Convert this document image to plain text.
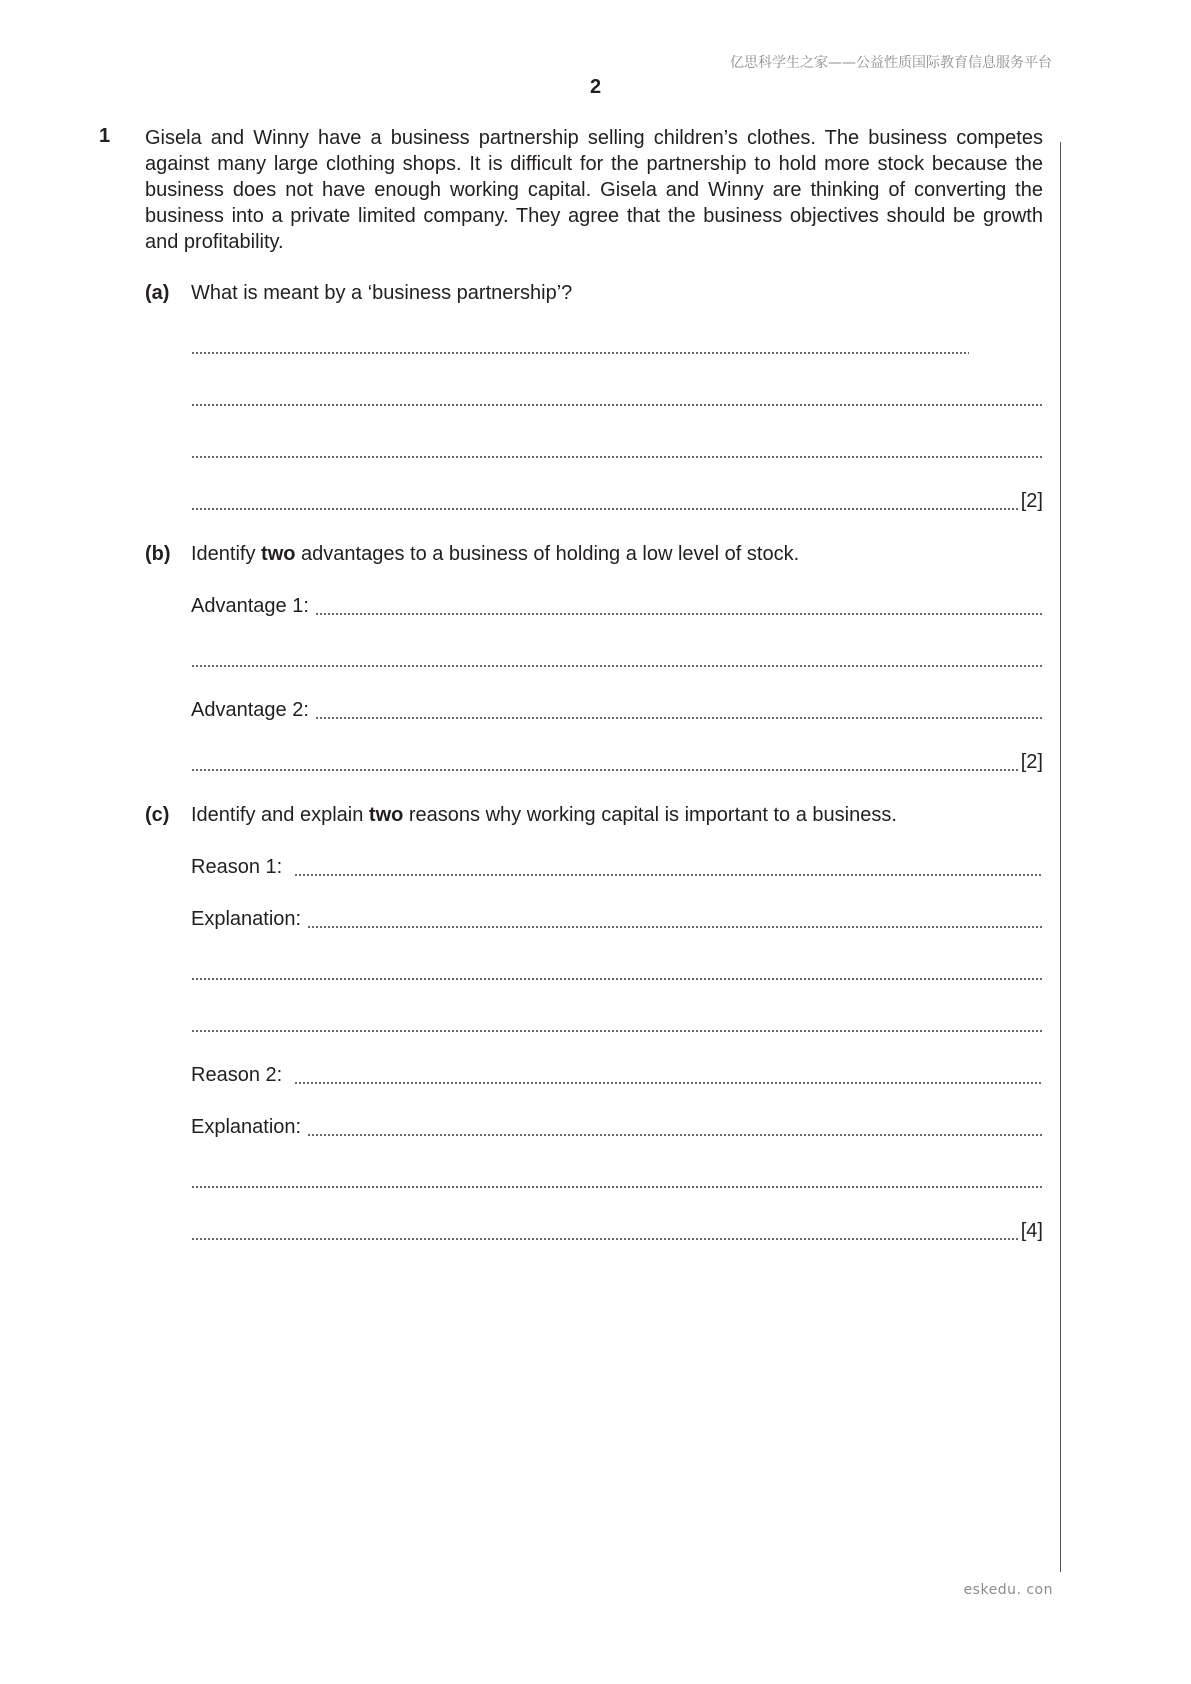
亿思科学生之家——公益性质国际教育信息服务平台
2
1 Gisela and Winny have a business partnership selling children’s clothes. The business competes against many large clothing shops. It is difficult for the partnership to hold more stock because the business does not have enough working capital. Gisela and Winny are thinking of converting the business into a private limited company. They agree that the business objectives should be growth and profitability.
(a) What is meant by a ‘business partnership’?
[2]
(b) Identify two advantages to a business of holding a low level of stock.
Advantage 1:
Advantage 2:
[2]
(c) Identify and explain two reasons why working capital is important to a business.
Reason 1:
Explanation:
Reason 2:
Explanation:
[4]
eskedu. con
